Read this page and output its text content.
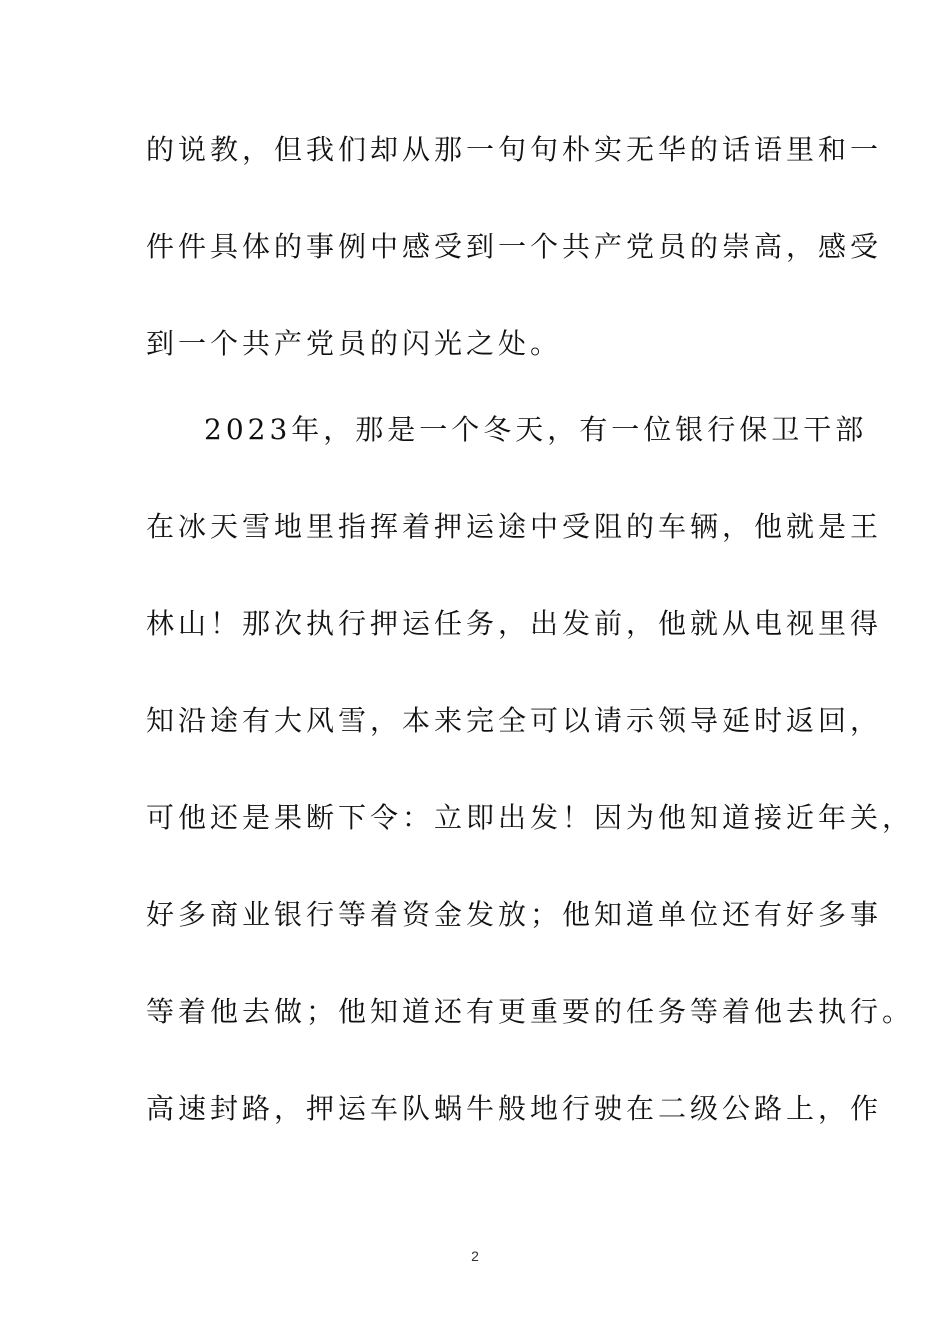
的说教，但我们却从那一句句朴实无华的话语里和一
件件具体的事例中感受到一个共产党员的崇高，感受
到一个共产党员的闪光之处。
2023年，那是一个冬天，有一位银行保卫干部
在冰天雪地里指挥着押运途中受阻的车辆，他就是王
林山！那次执行押运任务，出发前，他就从电视里得
知沿途有大风雪，本来完全可以请示领导延时返回，
可他还是果断下令：立即出发！因为他知道接近年关，
好多商业银行等着资金发放；他知道单位还有好多事
等着他去做；他知道还有更重要的任务等着他去执行。
高速封路，押运车队蜗牛般地行驶在二级公路上，作
2
